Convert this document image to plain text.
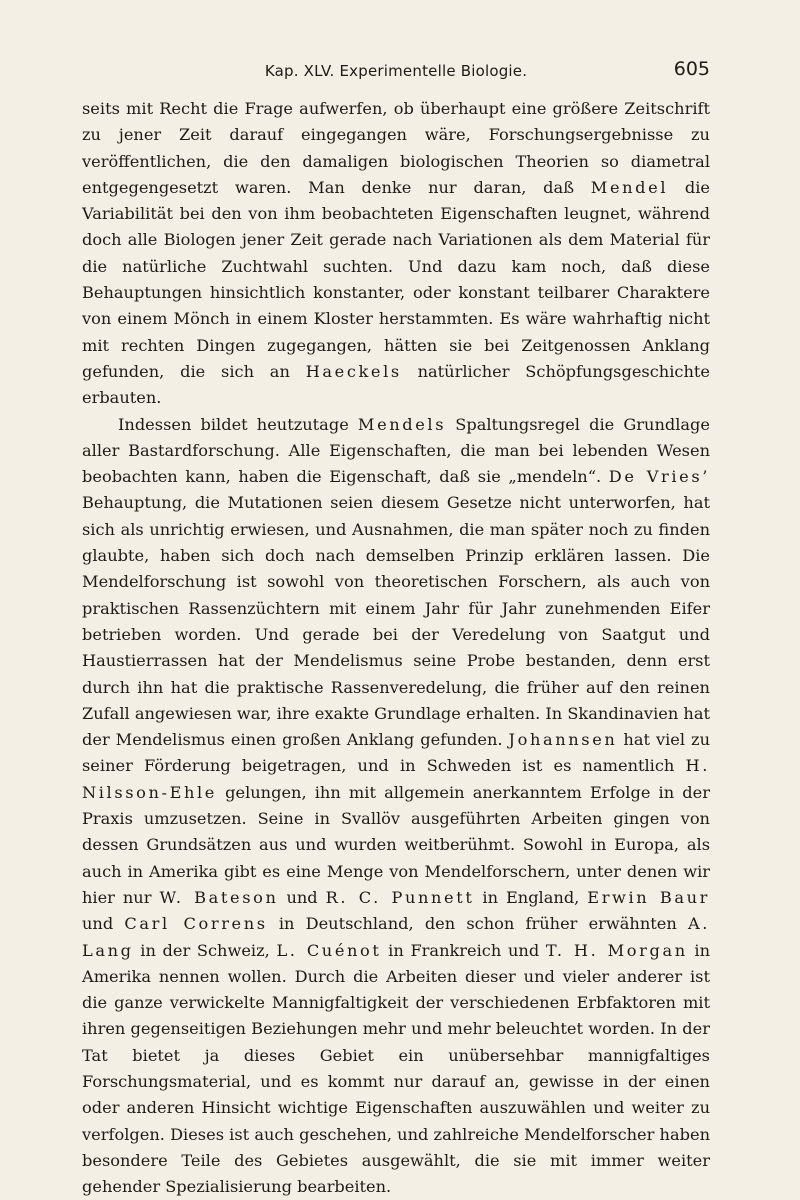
Kap. XLV. Experimentelle Biologie.	605

seits mit Recht die Frage aufwerfen, ob überhaupt eine größere Zeitschrift zu jener Zeit darauf eingegangen wäre, Forschungsergebnisse zu veröffentlichen, die den damaligen biologischen Theorien so diametral entgegengesetzt waren. Man denke nur daran, daß Mendel die Variabilität bei den von ihm beobachteten Eigenschaften leugnet, während doch alle Biologen jener Zeit gerade nach Variationen als dem Material für die natürliche Zuchtwahl suchten. Und dazu kam noch, daß diese Behauptungen hinsichtlich konstanter, oder konstant teilbarer Charaktere von einem Mönch in einem Kloster herstammten. Es wäre wahrhaftig nicht mit rechten Dingen zugegangen, hätten sie bei Zeitgenossen Anklang gefunden, die sich an Haeckels natürlicher Schöpfungsgeschichte erbauten.

Indessen bildet heutzutage Mendels Spaltungsregel die Grundlage aller Bastardforschung. Alle Eigenschaften, die man bei lebenden Wesen beobachten kann, haben die Eigenschaft, daß sie „mendeln“. De Vries’ Behauptung, die Mutationen seien diesem Gesetze nicht unterworfen, hat sich als unrichtig erwiesen, und Ausnahmen, die man später noch zu finden glaubte, haben sich doch nach demselben Prinzip erklären lassen. Die Mendelforschung ist sowohl von theoretischen Forschern, als auch von praktischen Rassenzüchtern mit einem Jahr für Jahr zunehmenden Eifer betrieben worden. Und gerade bei der Veredelung von Saatgut und Haustierrassen hat der Mendelismus seine Probe bestanden, denn erst durch ihn hat die praktische Rassenveredelung, die früher auf den reinen Zufall angewiesen war, ihre exakte Grundlage erhalten. In Skandinavien hat der Mendelismus einen großen Anklang gefunden. Johannsen hat viel zu seiner Förderung beigetragen, und in Schweden ist es namentlich H. Nilsson-Ehle gelungen, ihn mit allgemein anerkanntem Erfolge in der Praxis umzusetzen. Seine in Svallöv ausgeführten Arbeiten gingen von dessen Grundsätzen aus und wurden weitberühmt. Sowohl in Europa, als auch in Amerika gibt es eine Menge von Mendelforschern, unter denen wir hier nur W. Bateson und R. C. Punnett in England, Erwin Baur und Carl Correns in Deutschland, den schon früher erwähnten A. Lang in der Schweiz, L. Cuénot in Frankreich und T. H. Morgan in Amerika nennen wollen. Durch die Arbeiten dieser und vieler anderer ist die ganze verwickelte Mannigfaltigkeit der verschiedenen Erbfaktoren mit ihren gegenseitigen Beziehungen mehr und mehr beleuchtet worden. In der Tat bietet ja dieses Gebiet ein unübersehbar mannigfaltiges Forschungsmaterial, und es kommt nur darauf an, gewisse in der einen oder anderen Hinsicht wichtige Eigenschaften auszuwählen und weiter zu verfolgen. Dieses ist auch geschehen, und zahlreiche Mendelforscher haben besondere Teile des Gebietes ausgewählt, die sie mit immer weiter gehender Spezialisierung bearbeiten.
